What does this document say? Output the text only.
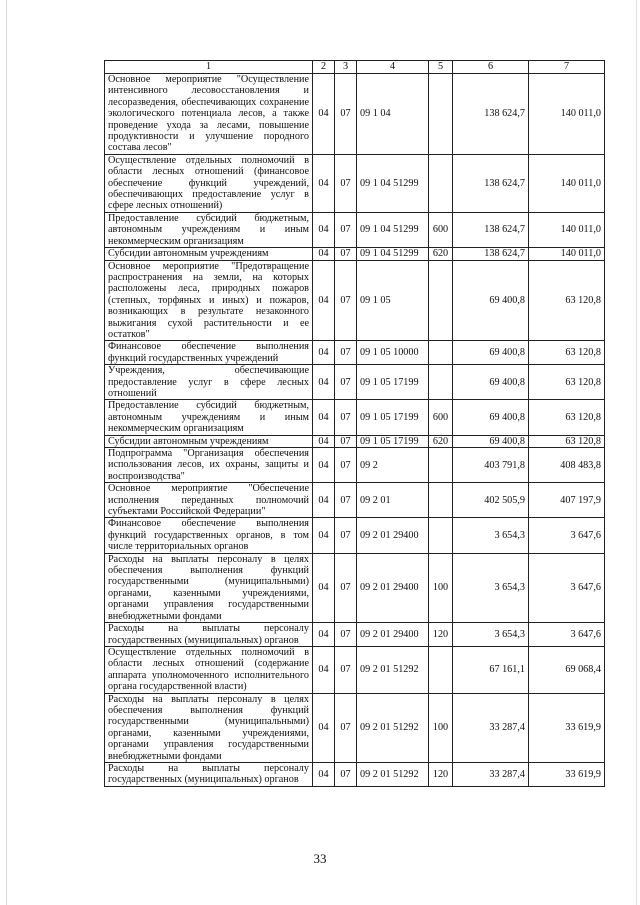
1	2	3	4	5	6	7
Основное мероприятие "Осуществление интенсивного лесовосстановления и лесоразведения, обеспечивающих сохранение экологического потенциала лесов, а также проведение ухода за лесами, повышение продуктивности и улучшение породного состава лесов"	04	07	09 1 04		138 624,7	140 011,0
Осуществление отдельных полномочий в области лесных отношений (финансовое обеспечение функций учреждений, обеспечивающих предоставление услуг в сфере лесных отношений)	04	07	09 1 04 51299		138 624,7	140 011,0
Предоставление субсидий бюджетным, автономным учреждениям и иным некоммерческим организациям	04	07	09 1 04 51299	600	138 624,7	140 011,0
Субсидии автономным учреждениям	04	07	09 1 04 51299	620	138 624,7	140 011,0
Основное мероприятие "Предотвращение распространения на земли, на которых расположены леса, природных пожаров (степных, торфяных и иных) и пожаров, возникающих в результате незаконного выжигания сухой растительности и ее остатков"	04	07	09 1 05		69 400,8	63 120,8
Финансовое обеспечение выполнения функций государственных учреждений	04	07	09 1 05 10000		69 400,8	63 120,8
Учреждения, обеспечивающие предоставление услуг в сфере лесных отношений	04	07	09 1 05 17199		69 400,8	63 120,8
Предоставление субсидий бюджетным, автономным учреждениям и иным некоммерческим организациям	04	07	09 1 05 17199	600	69 400,8	63 120,8
Субсидии автономным учреждениям	04	07	09 1 05 17199	620	69 400,8	63 120,8
Подпрограмма "Организация обеспечения использования лесов, их охраны, защиты и воспроизводства"	04	07	09 2		403 791,8	408 483,8
Основное мероприятие "Обеспечение исполнения переданных полномочий субъектами Российской Федерации"	04	07	09 2 01		402 505,9	407 197,9
Финансовое обеспечение выполнения функций государственных органов, в том числе территориальных органов	04	07	09 2 01 29400		3 654,3	3 647,6
Расходы на выплаты персоналу в целях обеспечения выполнения функций государственными (муниципальными) органами, казенными учреждениями, органами управления государственными внебюджетными фондами	04	07	09 2 01 29400	100	3 654,3	3 647,6
Расходы на выплаты персоналу государственных (муниципальных) органов	04	07	09 2 01 29400	120	3 654,3	3 647,6
Осуществление отдельных полномочий в области лесных отношений (содержание аппарата уполномоченного исполнительного органа государственной власти)	04	07	09 2 01 51292		67 161,1	69 068,4
Расходы на выплаты персоналу в целях обеспечения выполнения функций государственными (муниципальными) органами, казенными учреждениями, органами управления государственными внебюджетными фондами	04	07	09 2 01 51292	100	33 287,4	33 619,9
Расходы на выплаты персоналу государственных (муниципальных) органов	04	07	09 2 01 51292	120	33 287,4	33 619,9
33
